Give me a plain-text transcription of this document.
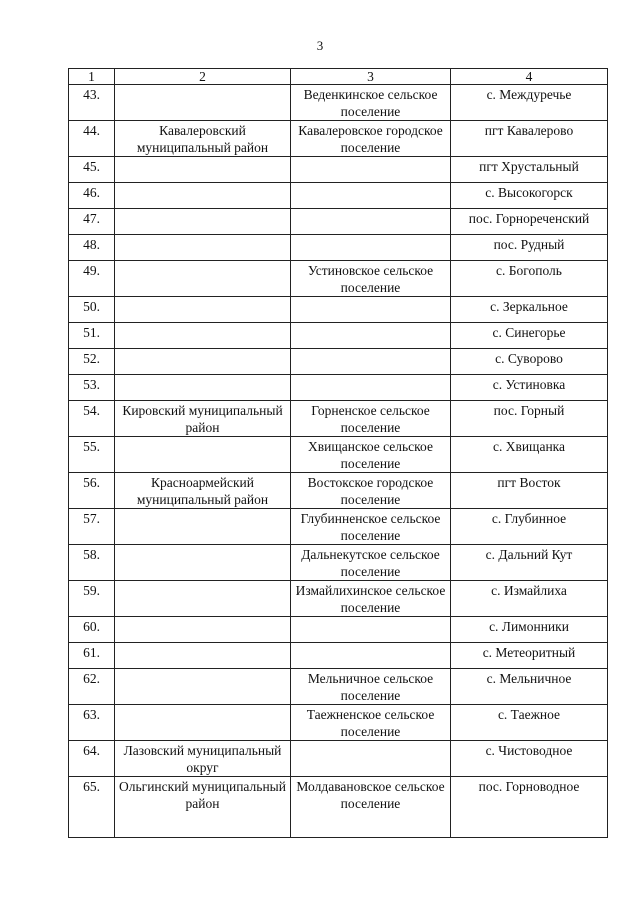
3
1	2	3	4
43.		Веденкинское сельское поселение	с. Междуречье
44.	Кавалеровский муниципальный район	Кавалеровское городское поселение	пгт Кавалерово
45.			пгт Хрустальный
46.			с. Высокогорск
47.			пос. Горнореченский
48.			пос. Рудный
49.		Устиновское сельское поселение	с. Богополь
50.			с. Зеркальное
51.			с. Синегорье
52.			с. Суворово
53.			с. Устиновка
54.	Кировский муниципальный район	Горненское сельское поселение	пос. Горный
55.		Хвищанское сельское поселение	с. Хвищанка
56.	Красноармейский муниципальный район	Востокское городское поселение	пгт Восток
57.		Глубинненское сельское поселение	с. Глубинное
58.		Дальнекутское сельское поселение	с. Дальний Кут
59.		Измайлихинское сельское поселение	с. Измайлиха
60.			с. Лимонники
61.			с. Метеоритный
62.		Мельничное сельское поселение	с. Мельничное
63.		Таежненское сельское поселение	с. Таежное
64.	Лазовский муниципальный округ		с. Чистоводное
65.	Ольгинский муниципальный район	Молдавановское сельское поселение	пос. Горноводное
